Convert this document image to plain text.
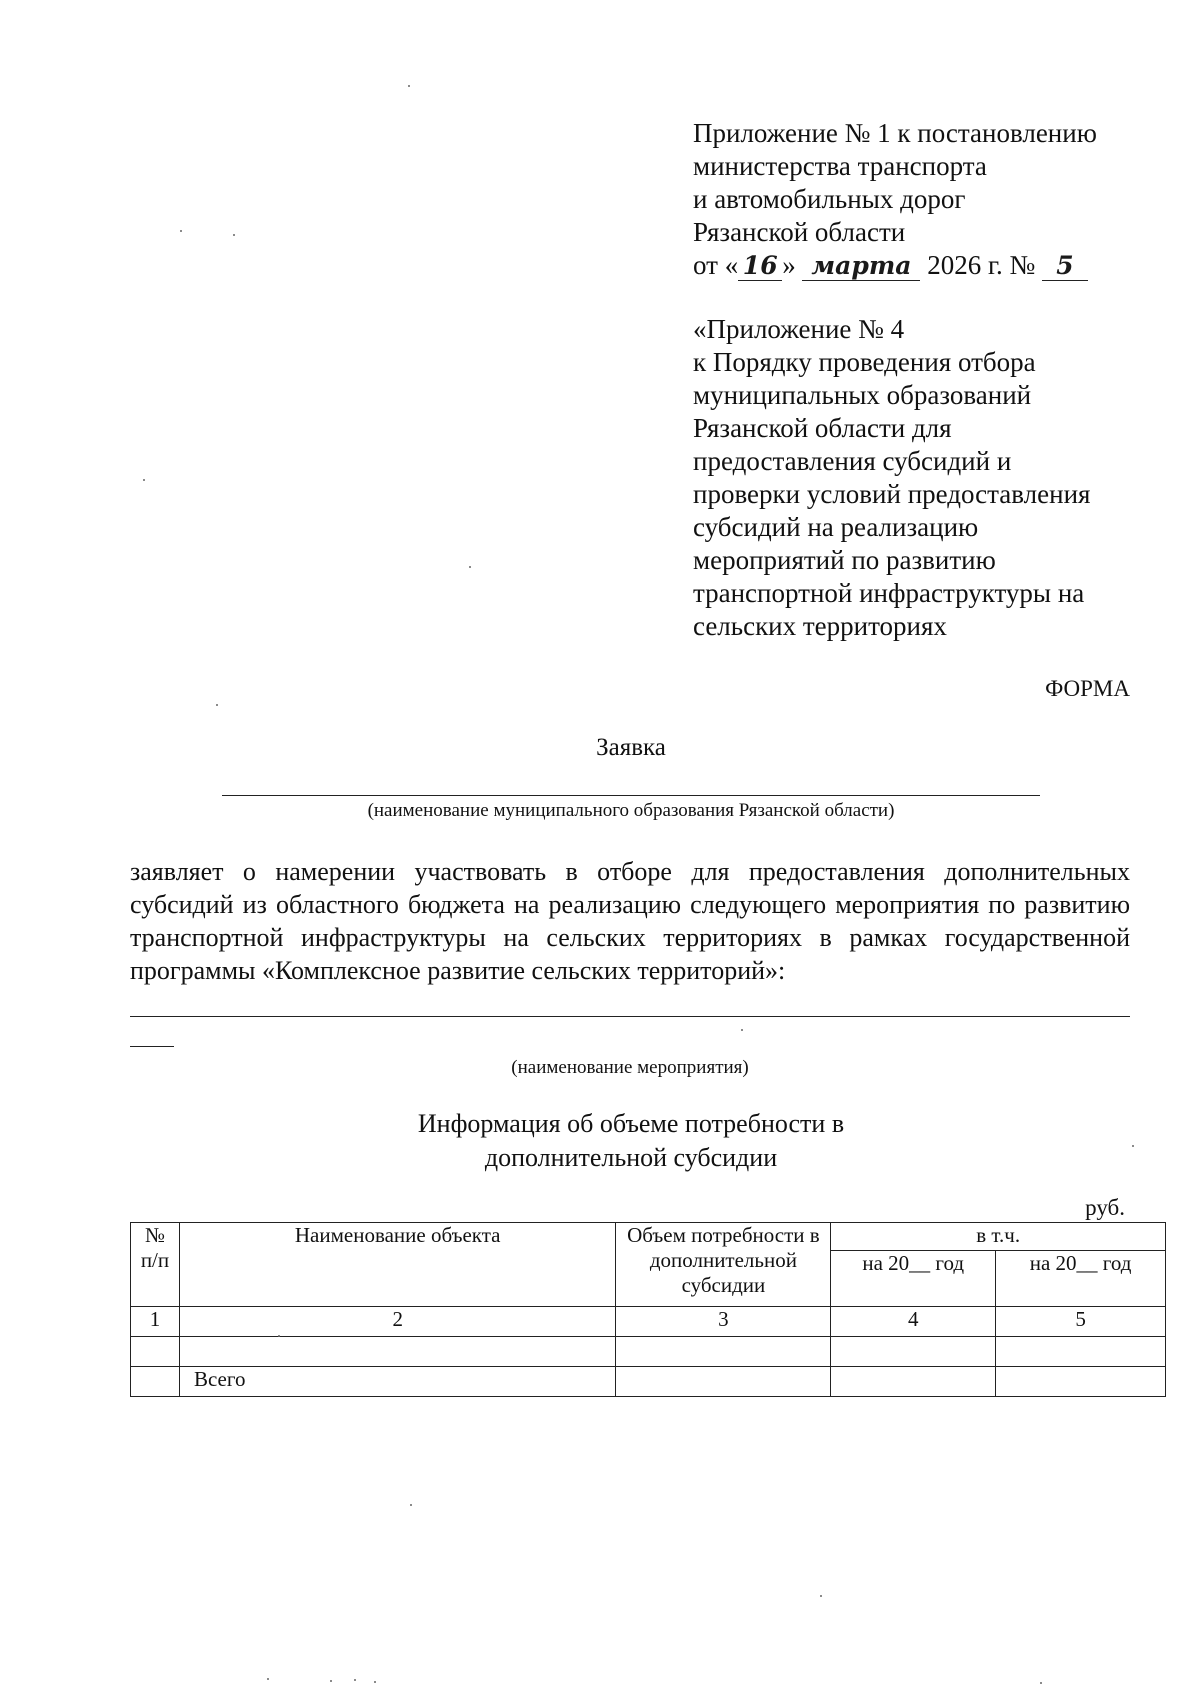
Приложение № 1 к постановлению
министерства транспорта
и автомобильных дорог
Рязанской области
от « 16 » марта 2026 г. № 5
«Приложение № 4
к Порядку проведения отбора
муниципальных образований
Рязанской области для
предоставления субсидий и
проверки условий предоставления
субсидий на реализацию
мероприятий по развитию
транспортной инфраструктуры на
сельских территориях
ФОРМА
Заявка
(наименование муниципального образования Рязанской области)
заявляет о намерении участвовать в отборе для предоставления дополнительных субсидий из областного бюджета на реализацию следующего мероприятия по развитию транспортной инфраструктуры на сельских территориях в рамках государственной программы «Комплексное развитие сельских территорий»:
(наименование мероприятия)
Информация об объеме потребности в
дополнительной субсидии
руб.
№ п/п	Наименование объекта	Объем потребности в дополнительной субсидии	в т.ч.	
			на 20__ год	на 20__ год
1	2	3	4	5

	Всего			
